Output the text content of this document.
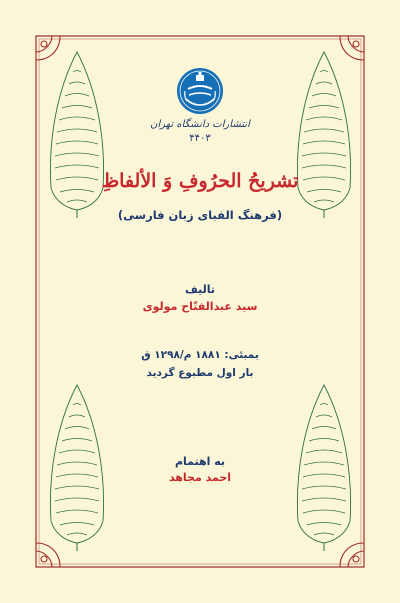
انتشارات دانشگاه تهران
۴۴۰۳
تشریحُ الحرُوفِ وَ الألفاظِ
(فرهنگ الفبای زبان فارسی)
تالیف
سید عبدالفتّاح مولوی
بمبئی: ۱۸۸۱ م/۱۲۹۸ ق
بار اول مطبوع گردید
به اهتمام
احمد مجاهد
